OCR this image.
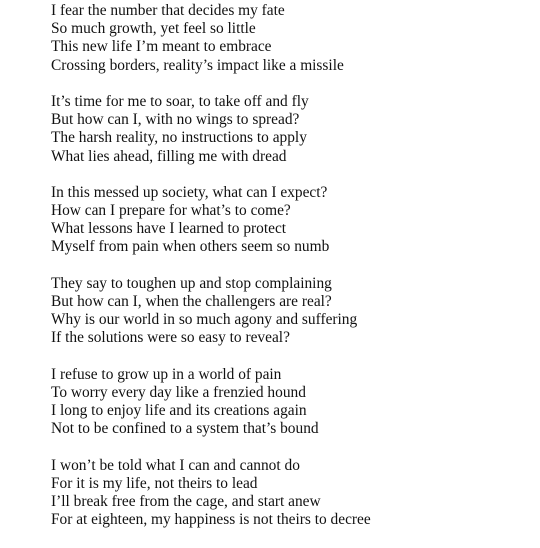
I fear the number that decides my fate
So much growth, yet feel so little
This new life I’m meant to embrace
Crossing borders, reality’s impact like a missile
It’s time for me to soar, to take off and fly
But how can I, with no wings to spread?
The harsh reality, no instructions to apply
What lies ahead, filling me with dread
In this messed up society, what can I expect?
How can I prepare for what’s to come?
What lessons have I learned to protect
Myself from pain when others seem so numb
They say to toughen up and stop complaining
But how can I, when the challengers are real?
Why is our world in so much agony and suffering
If the solutions were so easy to reveal?
I refuse to grow up in a world of pain
To worry every day like a frenzied hound
I long to enjoy life and its creations again
Not to be confined to a system that’s bound
I won’t be told what I can and cannot do
For it is my life, not theirs to lead
I’ll break free from the cage, and start anew
For at eighteen, my happiness is not theirs to decree
